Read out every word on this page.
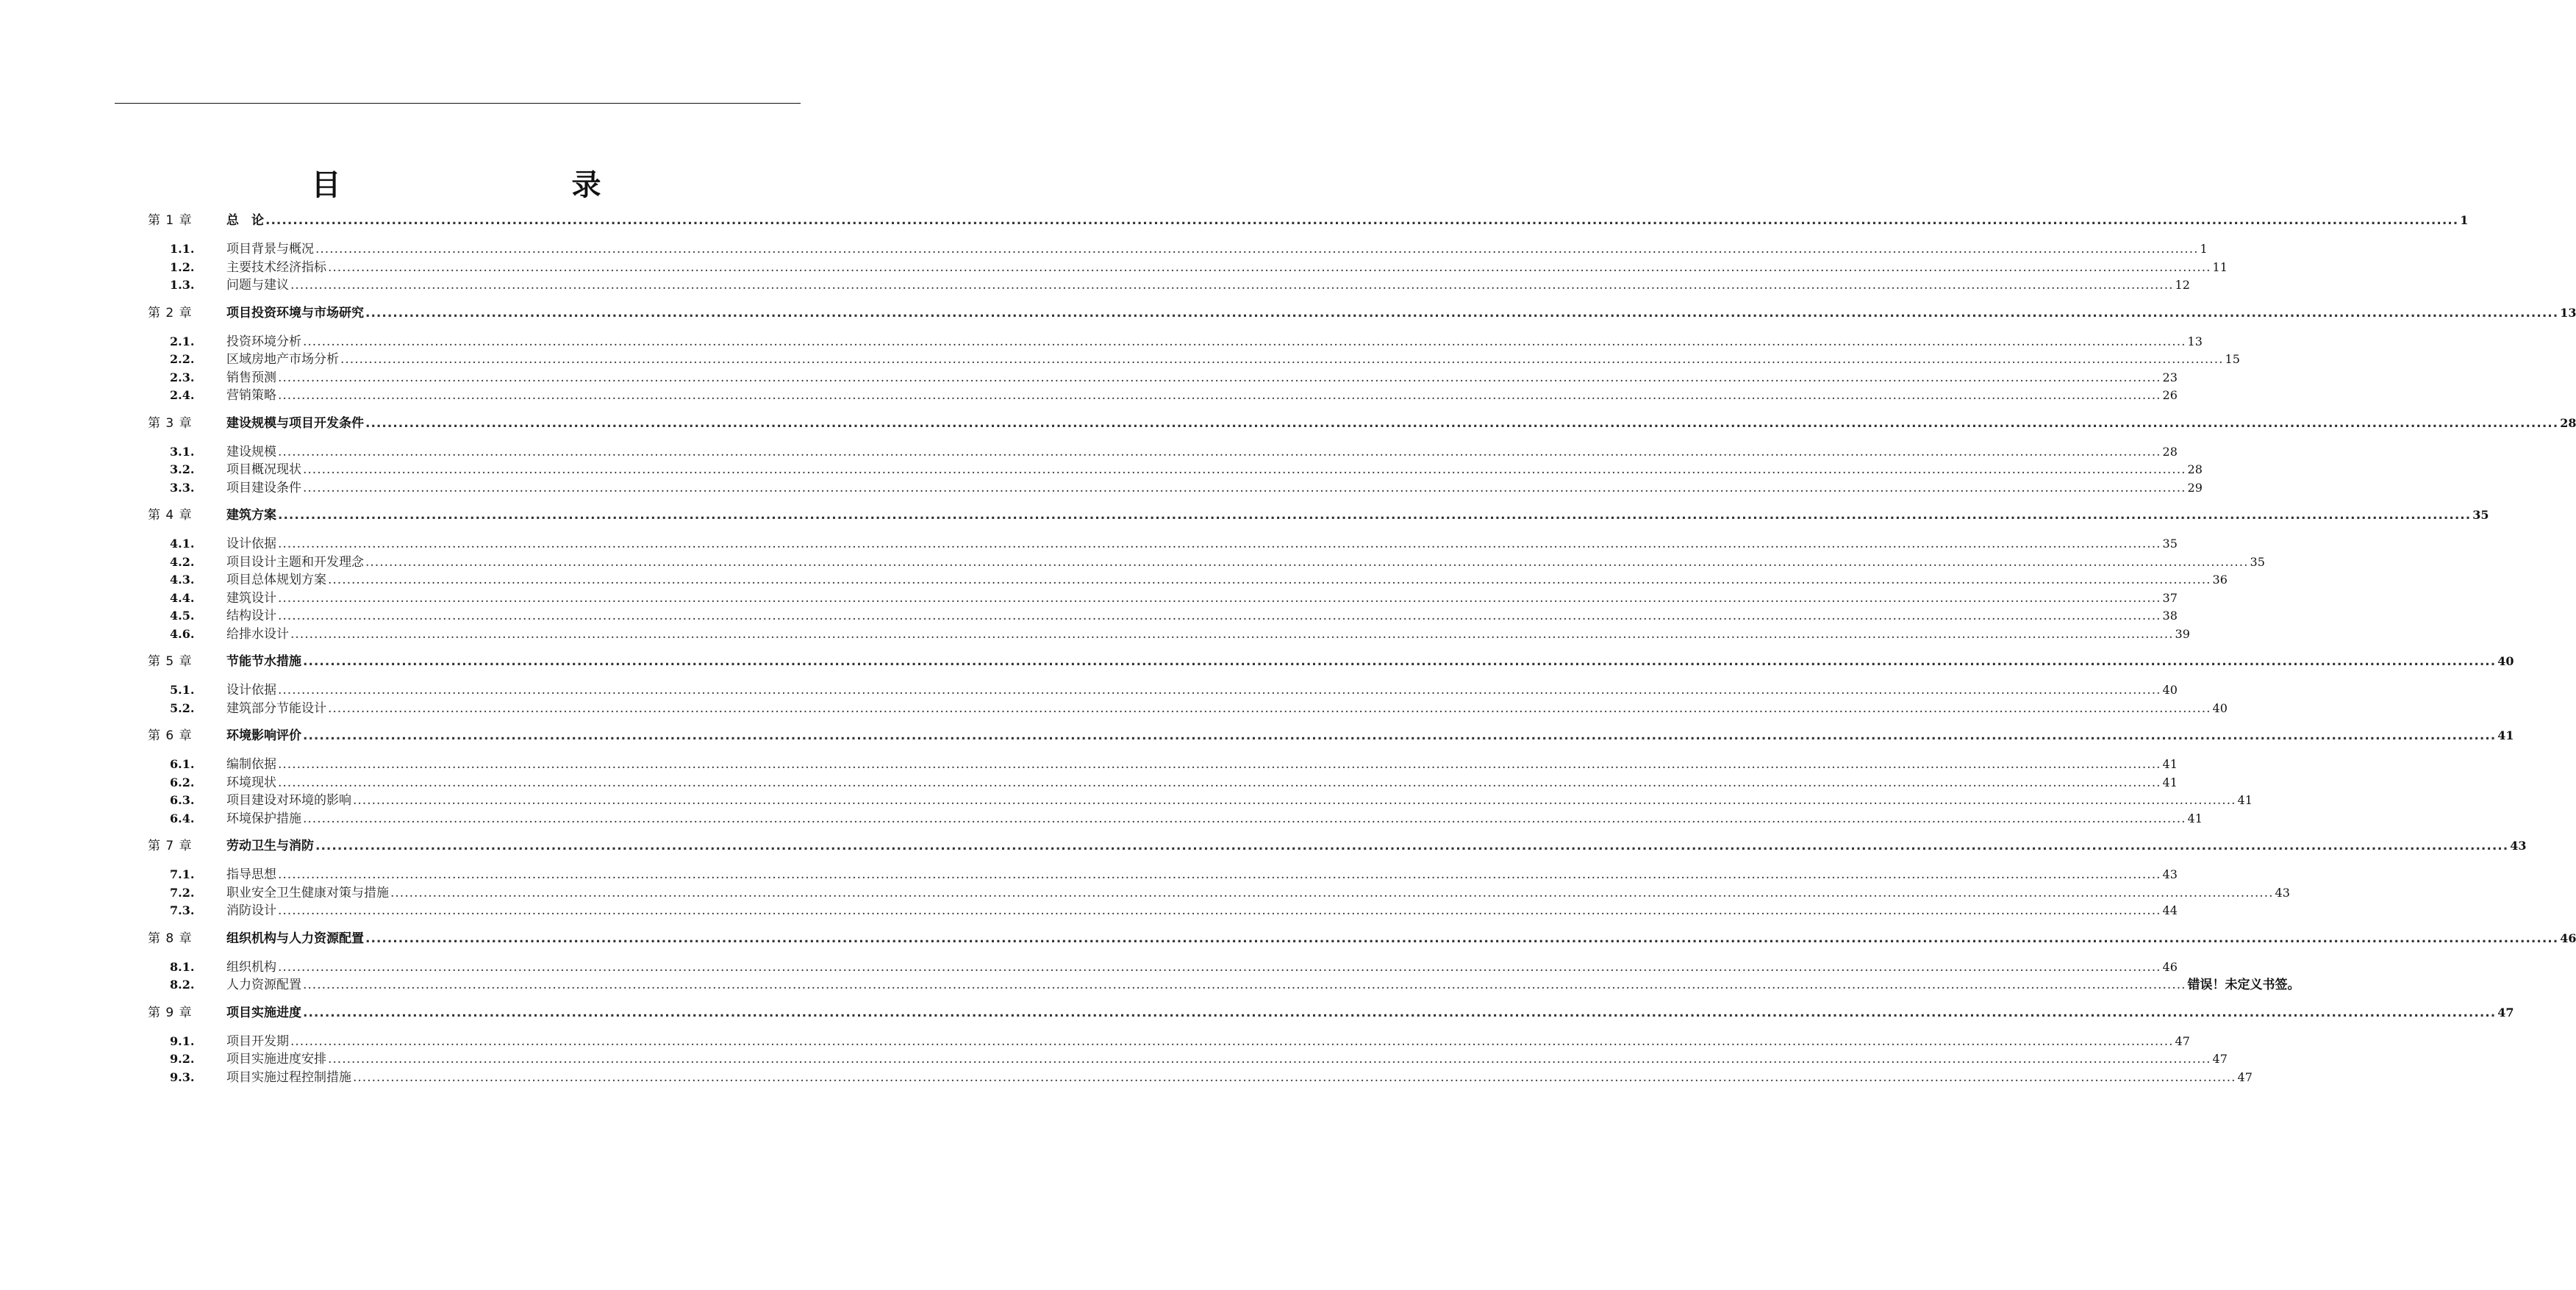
目　　录
第 1 章	总　论 ................................................................................................................................................................................................................................................................................................................................................................................................................ 1
1.1.	项目背景与概况 ................................................................................................................................................................................................................................................................................................................................................................................................................ 1
1.2.	主要技术经济指标 ................................................................................................................................................................................................................................................................................................................................................................................................................ 11
1.3.	问题与建议 ................................................................................................................................................................................................................................................................................................................................................................................................................ 12
第 2 章	项目投资环境与市场研究 ................................................................................................................................................................................................................................................................................................................................................................................................................ 13
2.1.	投资环境分析 ................................................................................................................................................................................................................................................................................................................................................................................................................ 13
2.2.	区域房地产市场分析 ................................................................................................................................................................................................................................................................................................................................................................................................................ 15
2.3.	销售预测 ................................................................................................................................................................................................................................................................................................................................................................................................................ 23
2.4.	营销策略 ................................................................................................................................................................................................................................................................................................................................................................................................................ 26
第 3 章	建设规模与项目开发条件 ................................................................................................................................................................................................................................................................................................................................................................................................................ 28
3.1.	建设规模 ................................................................................................................................................................................................................................................................................................................................................................................................................ 28
3.2.	项目概况现状 ................................................................................................................................................................................................................................................................................................................................................................................................................ 28
3.3.	项目建设条件 ................................................................................................................................................................................................................................................................................................................................................................................................................ 29
第 4 章	建筑方案 ................................................................................................................................................................................................................................................................................................................................................................................................................ 35
4.1.	设计依据 ................................................................................................................................................................................................................................................................................................................................................................................................................ 35
4.2.	项目设计主题和开发理念 ................................................................................................................................................................................................................................................................................................................................................................................................................ 35
4.3.	项目总体规划方案 ................................................................................................................................................................................................................................................................................................................................................................................................................ 36
4.4.	建筑设计 ................................................................................................................................................................................................................................................................................................................................................................................................................ 37
4.5.	结构设计 ................................................................................................................................................................................................................................................................................................................................................................................................................ 38
4.6.	给排水设计 ................................................................................................................................................................................................................................................................................................................................................................................................................ 39
第 5 章	节能节水措施 ................................................................................................................................................................................................................................................................................................................................................................................................................ 40
5.1.	设计依据 ................................................................................................................................................................................................................................................................................................................................................................................................................ 40
5.2.	建筑部分节能设计 ................................................................................................................................................................................................................................................................................................................................................................................................................ 40
第 6 章	环境影响评价 ................................................................................................................................................................................................................................................................................................................................................................................................................ 41
6.1.	编制依据 ................................................................................................................................................................................................................................................................................................................................................................................................................ 41
6.2.	环境现状 ................................................................................................................................................................................................................................................................................................................................................................................................................ 41
6.3.	项目建设对环境的影响 ................................................................................................................................................................................................................................................................................................................................................................................................................ 41
6.4.	环境保护措施 ................................................................................................................................................................................................................................................................................................................................................................................................................ 41
第 7 章	劳动卫生与消防 ................................................................................................................................................................................................................................................................................................................................................................................................................ 43
7.1.	指导思想 ................................................................................................................................................................................................................................................................................................................................................................................................................ 43
7.2.	职业安全卫生健康对策与措施 ................................................................................................................................................................................................................................................................................................................................................................................................................ 43
7.3.	消防设计 ................................................................................................................................................................................................................................................................................................................................................................................................................ 44
第 8 章	组织机构与人力资源配置 ................................................................................................................................................................................................................................................................................................................................................................................................................ 46
8.1.	组织机构 ................................................................................................................................................................................................................................................................................................................................................................................................................ 46
8.2.	人力资源配置 ................................................................................................................................................................................................................................................................................................................................................................................................................ 错误！未定义书签。
第 9 章	项目实施进度 ................................................................................................................................................................................................................................................................................................................................................................................................................ 47
9.1.	项目开发期 ................................................................................................................................................................................................................................................................................................................................................................................................................ 47
9.2.	项目实施进度安排 ................................................................................................................................................................................................................................................................................................................................................................................................................ 47
9.3.	项目实施过程控制措施 ................................................................................................................................................................................................................................................................................................................................................................................................................ 47
